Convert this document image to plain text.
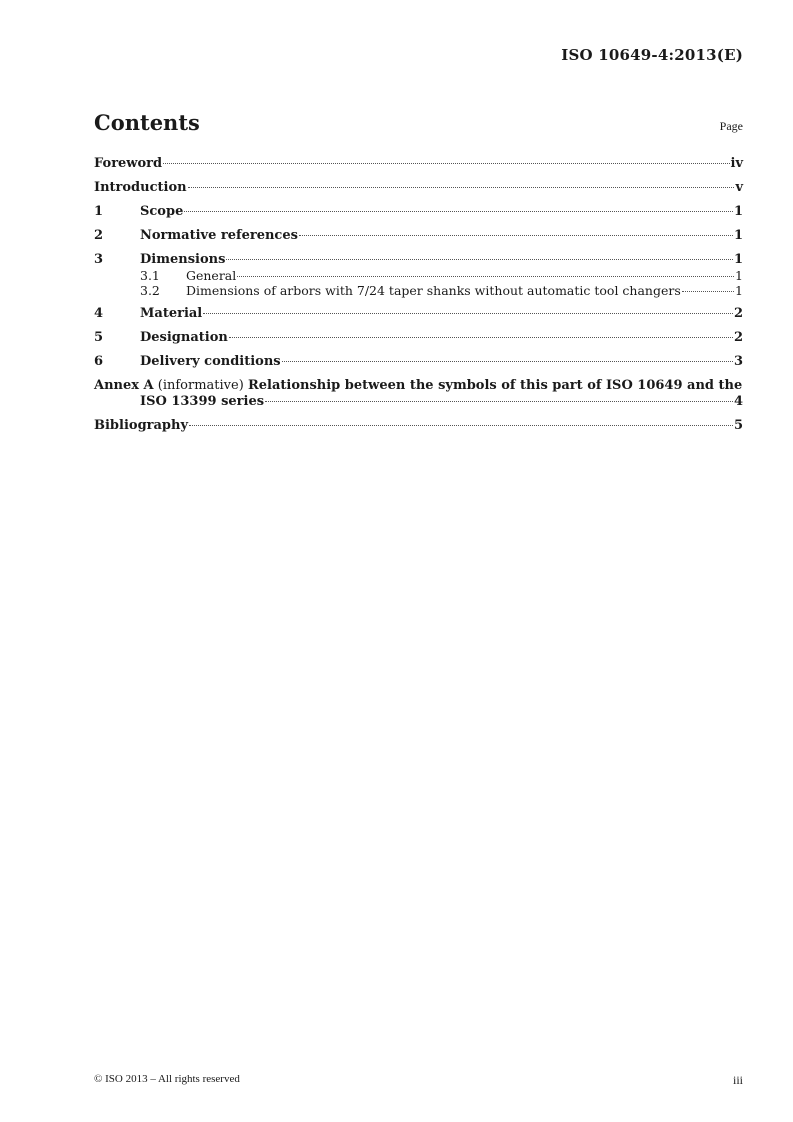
ISO 10649-4:2013(E)
Contents	Page
Foreword	iv
Introduction	v
1	Scope	1
2	Normative references	1
3	Dimensions	1
3.1	General	1
3.2	Dimensions of arbors with 7/24 taper shanks without automatic tool changers	1
4	Material	2
5	Designation	2
6	Delivery conditions	3
Annex A (informative) Relationship between the symbols of this part of ISO 10649 and the
ISO 13399 series	4
Bibliography	5
© ISO 2013 – All rights reserved	iii
